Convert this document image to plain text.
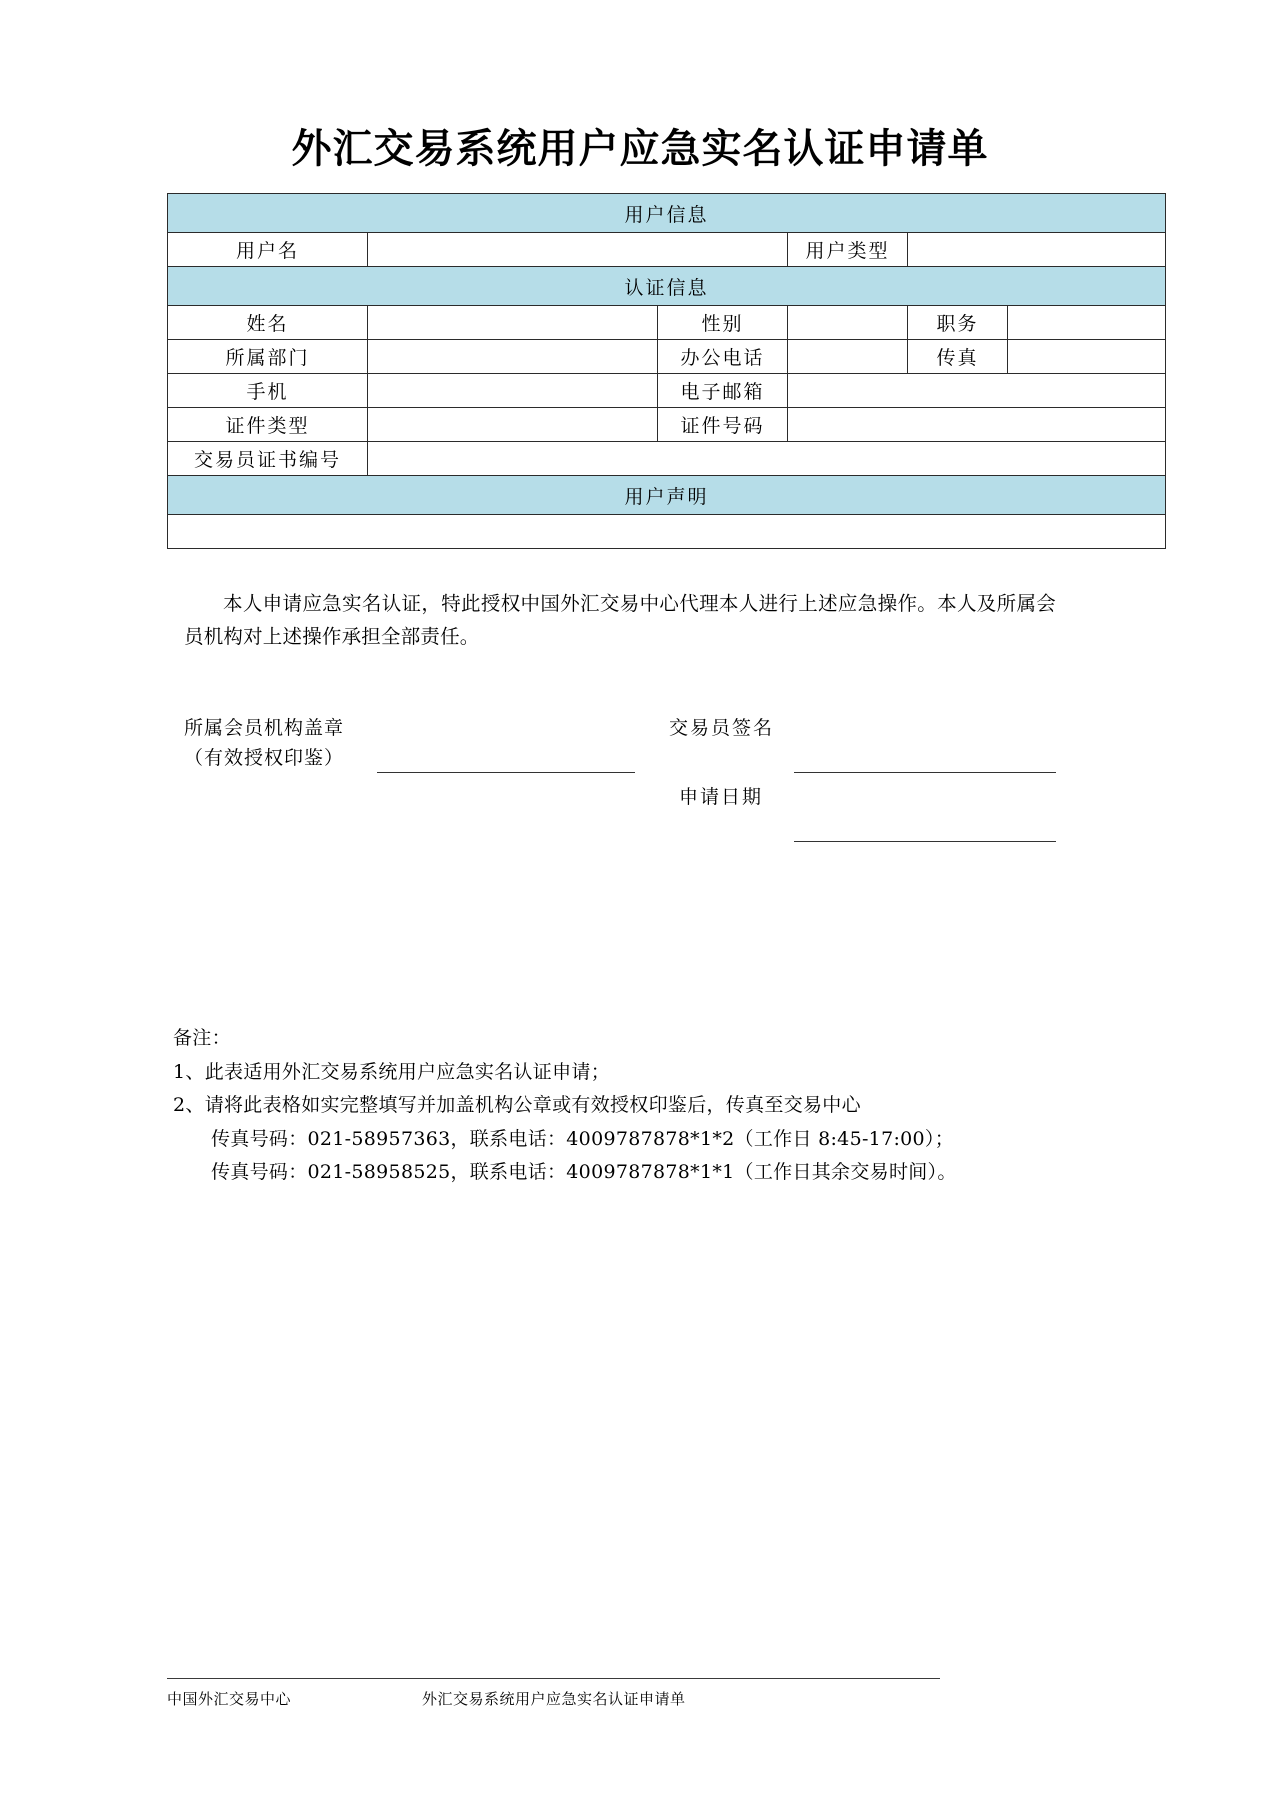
外汇交易系统用户应急实名认证申请单
用户信息					
用户名			用户类型		
认证信息					
姓名		性别		职务	
所属部门		办公电话		传真	
手机		电子邮箱			
证件类型		证件号码			
交易员证书编号					
用户声明					

本人申请应急实名认证，特此授权中国外汇交易中心代理本人进行上述应急操作。本人及所属会员机构对上述操作承担全部责任。
所属会员机构盖章
（有效授权印鉴）
交易员签名
申请日期					
备注：
1、此表适用外汇交易系统用户应急实名认证申请；
2、请将此表格如实完整填写并加盖机构公章或有效授权印鉴后，传真至交易中心
传真号码：021-58957363，联系电话：4009787878*1*2（工作日 8:45-17:00）；
传真号码：021-58958525，联系电话：4009787878*1*1（工作日其余交易时间）。
中国外汇交易中心	外汇交易系统用户应急实名认证申请单
